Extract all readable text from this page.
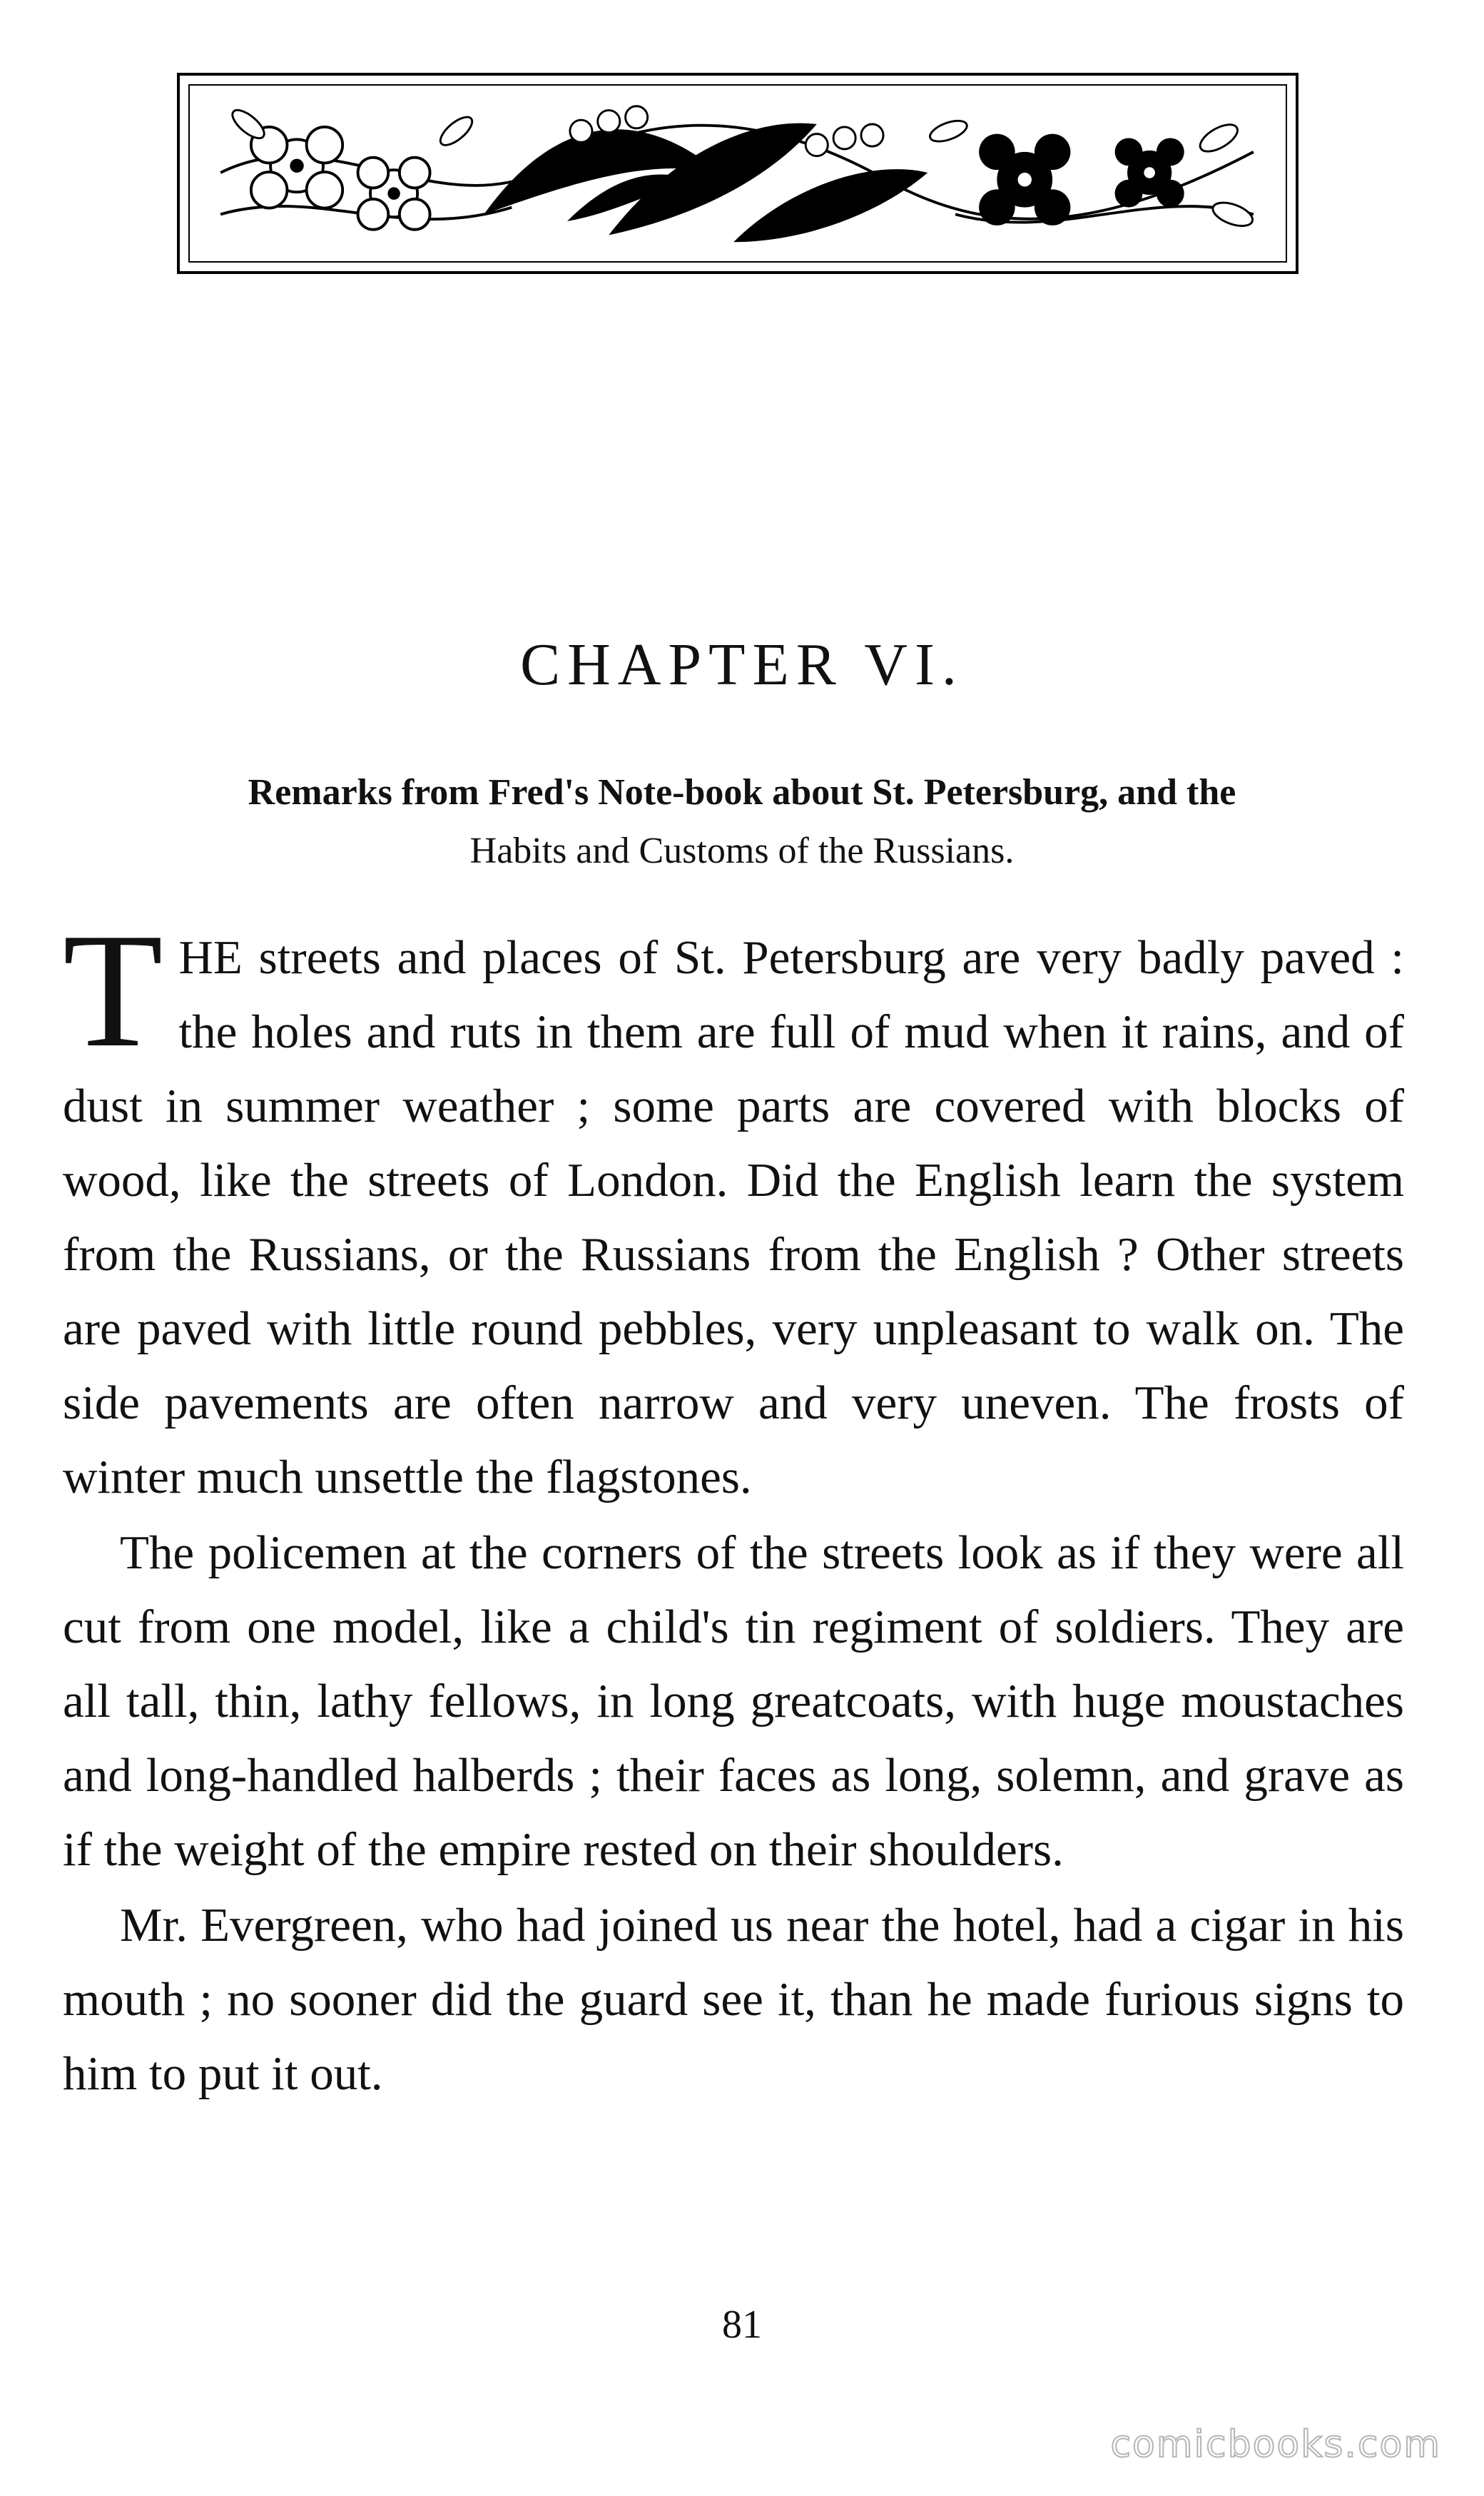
CHAPTER VI.
Remarks from Fred's Note-book about St. Petersburg, and the
Habits and Customs of the Russians.

THE streets and places of St. Petersburg are very badly paved : the holes and ruts in them are full of mud when it rains, and of dust in summer weather ; some parts are covered with blocks of wood, like the streets of London. Did the English learn the system from the Russians, or the Russians from the English ? Other streets are paved with little round pebbles, very unpleasant to walk on. The side pavements are often narrow and very uneven. The frosts of winter much unsettle the flagstones.

The policemen at the corners of the streets look as if they were all cut from one model, like a child's tin regiment of soldiers. They are all tall, thin, lathy fellows, in long greatcoats, with huge moustaches and long-handled halberds ; their faces as long, solemn, and grave as if the weight of the empire rested on their shoulders.

Mr. Evergreen, who had joined us near the hotel, had a cigar in his mouth ; no sooner did the guard see it, than he made furious signs to him to put it out.

81
comicbooks.com
